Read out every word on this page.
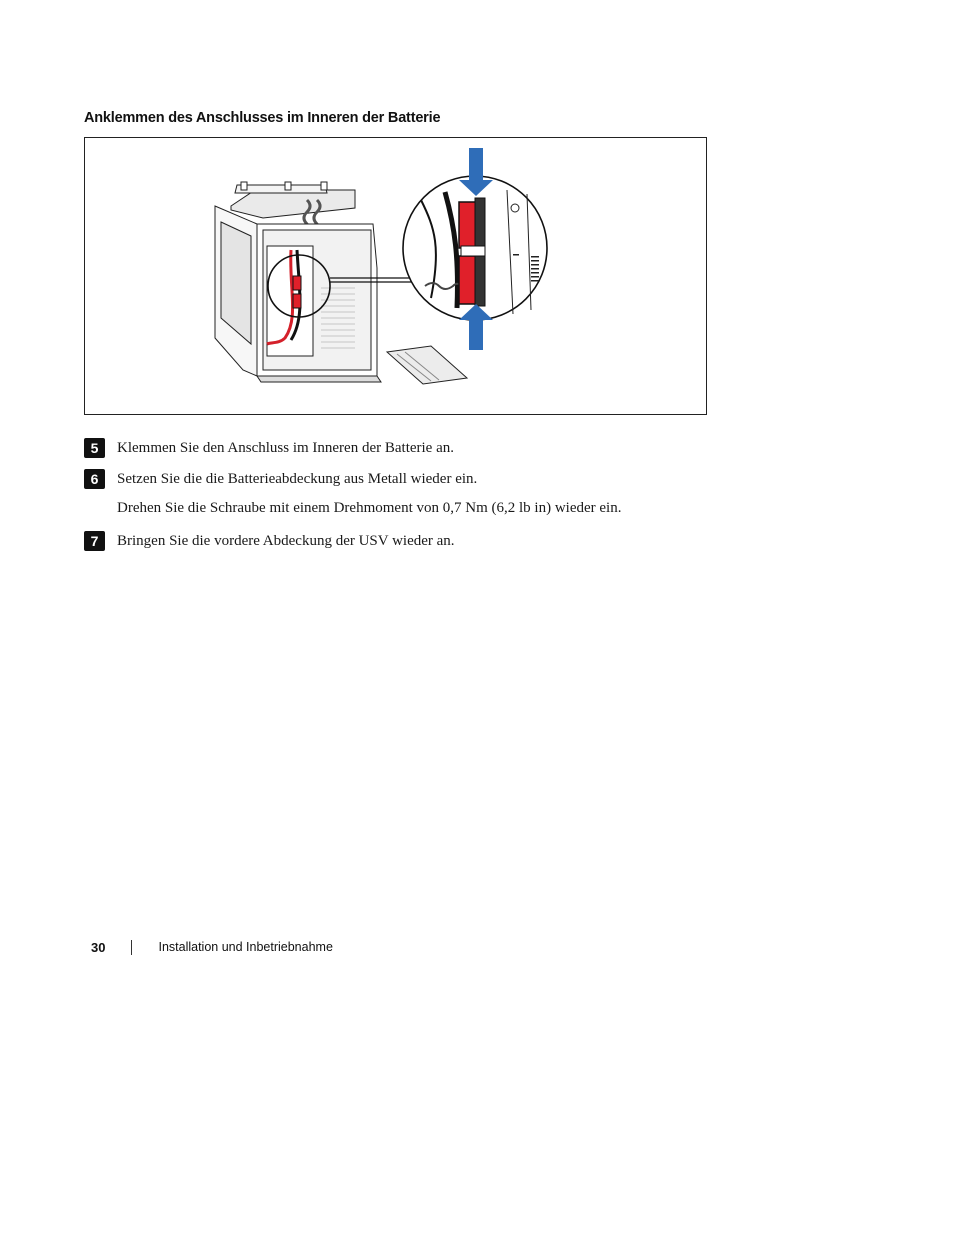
Anklemmen des Anschlusses im Inneren der Batterie
5	Klemmen Sie den Anschluss im Inneren der Batterie an.
6	Setzen Sie die die Batterieabdeckung aus Metall wieder ein.
Drehen Sie die Schraube mit einem Drehmoment von 0,7 Nm (6,2 lb in) wieder ein.
7	Bringen Sie die vordere Abdeckung der USV wieder an.
30	Installation und Inbetriebnahme
